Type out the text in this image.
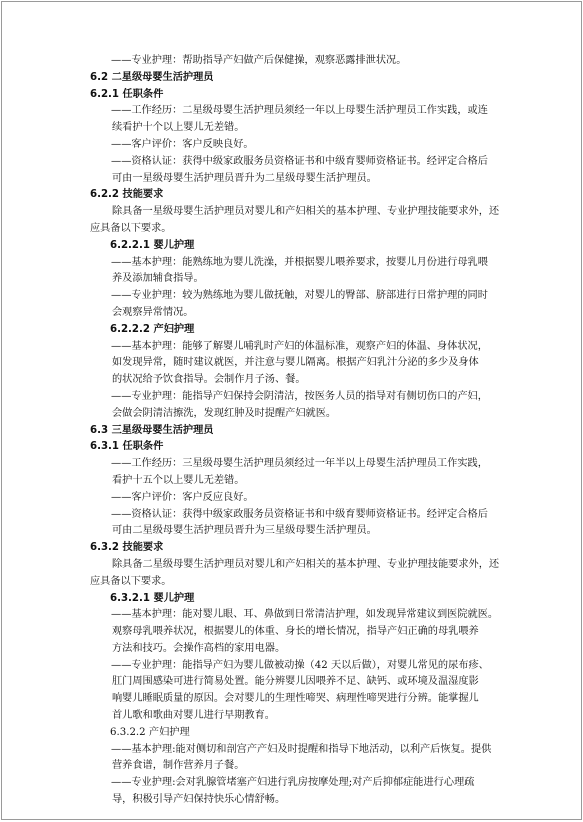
——专业护理：帮助指导产妇做产后保健操，观察恶露排泄状况。
6.2 二星级母婴生活护理员
6.2.1 任职条件
——工作经历：二星级母婴生活护理员须经一年以上母婴生活护理员工作实践，或连
续看护十个以上婴儿无差错。
——客户评价：客户反映良好。——资格认证：获得中级家政服务员资格证书和中级育婴师资格证书。经评定合格后
可由一星级母婴生活护理员晋升为二星级母婴生活护理员。
6.2.2 技能要求
除具备一星级母婴生活护理员对婴儿和产妇相关的基本护理、专业护理技能要求外，还
应具备以下要求。
6.2.2.1 婴儿护理
——基本护理：能熟练地为婴儿洗澡，并根据婴儿喂养要求，按婴儿月份进行母乳喂
养及添加辅食指导。
——专业护理：较为熟练地为婴儿做抚触，对婴儿的臀部、脐部进行日常护理的同时
会观察异常情况。
6.2.2.2 产妇护理
——基本护理：能够了解婴儿哺乳时产妇的体温标准，观察产妇的体温、身体状况，
如发现异常，随时建议就医，并注意与婴儿隔离。根据产妇乳汁分泌的多少及身体
的状况给予饮食指导。会制作月子汤、餐。
——专业护理：能指导产妇保持会阴清洁，按医务人员的指导对有侧切伤口的产妇，
会做会阴清洁擦洗，发现红肿及时提醒产妇就医。
6.3 三星级母婴生活护理员
6.3.1 任职条件
——工作经历：三星级母婴生活护理员须经过一年半以上母婴生活护理员工作实践，
看护十五个以上婴儿无差错。
——客户评价：客户反应良好。——资格认证：获得中级家政服务员资格证书和中级育婴师资格证书。经评定合格后
可由二星级母婴生活护理员晋升为三星级母婴生活护理员。
6.3.2 技能要求
除具备二星级母婴生活护理员对婴儿和产妇相关的基本护理、专业护理技能要求外，还
应具备以下要求。
6.3.2.1 婴儿护理
——基本护理：能对婴儿眼、耳、鼻做到日常清洁护理，如发现异常建议到医院就医。
观察母乳喂养状况，根据婴儿的体重、身长的增长情况，指导产妇正确的母乳喂养
方法和技巧。会操作高档的家用电器。
——专业护理：能指导产妇为婴儿做被动操（42 天以后做），对婴儿常见的尿布疹、
肛门周围感染可进行简易处置。能分辨婴儿因喂养不足、缺钙、或环境及温湿度影
响婴儿睡眠质量的原因。会对婴儿的生理性啼哭、病理性啼哭进行分辨。能掌握儿
首儿歌和歌曲对婴儿进行早期教育。
6.3.2.2 产妇护理
——基本护理:能对侧切和剖宫产产妇及时提醒和指导下地活动，以利产后恢复。提供
营养食谱，制作营养月子餐。
——专业护理:会对乳腺管堵塞产妇进行乳房按摩处理;对产后抑郁症能进行心理疏
导，积极引导产妇保持快乐心情舒畅。
